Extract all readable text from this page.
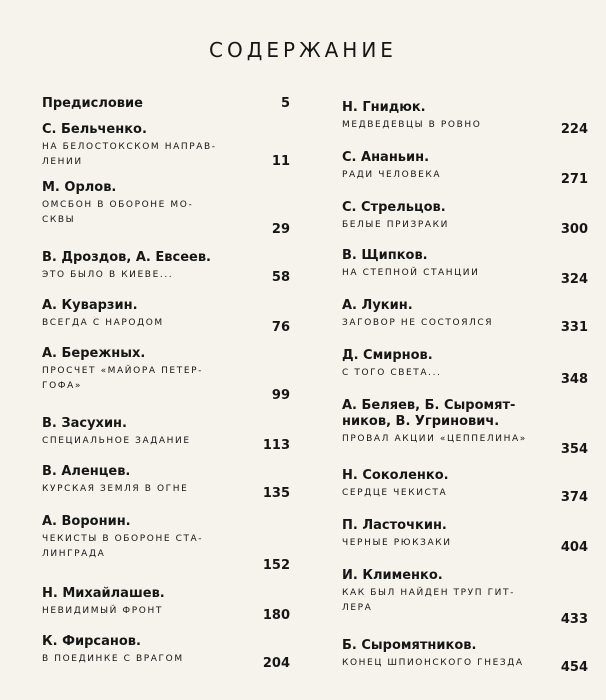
СОДЕРЖАНИЕ
Предисловие	5
С. Бельченко.
НА БЕЛОСТОКСКОМ НАПРАВ-
ЛЕНИИ	11
М. Орлов.
ОМСБОН В ОБОРОНЕ МО-
СКВЫ
29
В. Дроздов, А. Евсеев.
ЭТО БЫЛО В КИЕВЕ...	58
А. Куварзин.
ВСЕГДА С НАРОДОМ	76
А. Бережных.
ПРОСЧЕТ «МАЙОРА ПЕТЕР-
ГОФА»
99
В. Засухин.
СПЕЦИАЛЬНОЕ ЗАДАНИЕ	113
В. Аленцев.
КУРСКАЯ ЗЕМЛЯ В ОГНЕ	135
А. Воронин.
ЧЕКИСТЫ В ОБОРОНЕ СТА-
ЛИНГРАДА
152
Н. Михайлашев.
НЕВИДИМЫЙ ФРОНТ	180
К. Фирсанов.
В ПОЕДИНКЕ С ВРАГОМ	204
Н. Гнидюк.
МЕДВЕДЕВЦЫ В РОВНО	224
С. Ананьин.
РАДИ ЧЕЛОВЕКА	271
С. Стрельцов.
БЕЛЫЕ ПРИЗРАКИ	300
В. Щипков.
НА СТЕПНОЙ СТАНЦИИ	324
А. Лукин.
ЗАГОВОР НЕ СОСТОЯЛСЯ	331
Д. Смирнов.
С ТОГО СВЕТА...	348
А. Беляев, Б. Сыромят-
ников, В. Угринович.
ПРОВАЛ АКЦИИ «ЦЕППЕЛИНА»
354
Н. Соколенко.
СЕРДЦЕ ЧЕКИСТА	374
П. Ласточкин.
ЧЕРНЫЕ РЮКЗАКИ	404
И. Клименко.
КАК БЫЛ НАЙДЕН ТРУП ГИТ-
ЛЕРА
433
Б. Сыромятников.
КОНЕЦ ШПИОНСКОГО ГНЕЗДА	454
